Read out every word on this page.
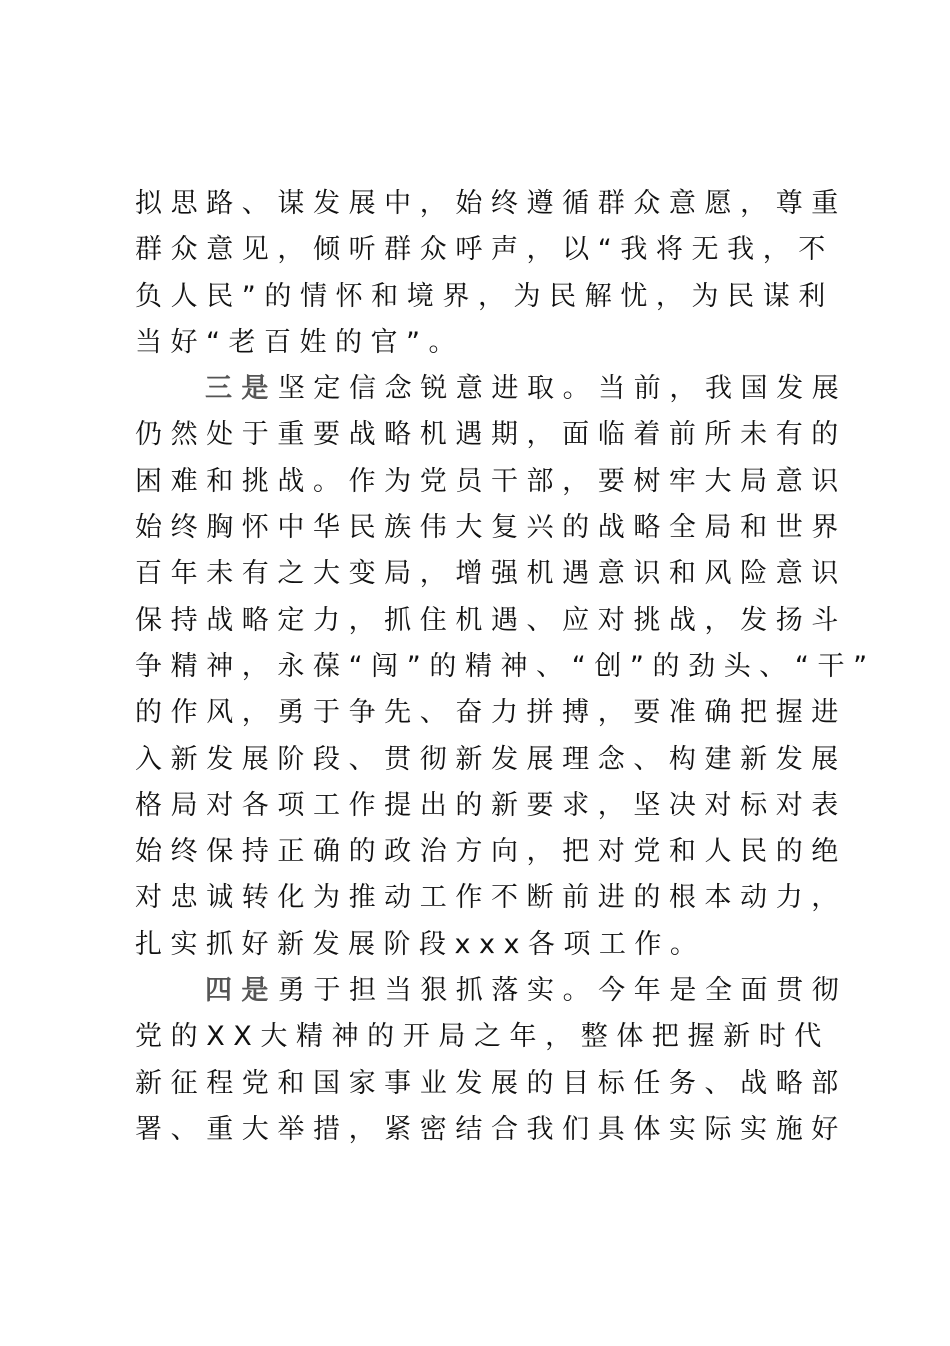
拟 思 路 、 谋 发 展 中 ， 始 终 遵 循 群 众 意 愿 ， 尊 重
群 众 意 见 ， 倾 听 群 众 呼 声 ， 以 “ 我 将 无 我 ， 不
负 人 民 ” 的 情 怀 和 境 界 ， 为 民 解 忧 ， 为 民 谋 利
当好“老百姓的官”。
三 是 坚 定 信 念 锐 意 进 取 。 当 前 ， 我 国 发 展
仍 然 处 于 重 要 战 略 机 遇 期 ， 面 临 着 前 所 未 有 的
困 难 和 挑 战 。 作 为 党 员 干 部 ， 要 树 牢 大 局 意 识
始 终 胸 怀 中 华 民 族 伟 大 复 兴 的 战 略 全 局 和 世 界
百 年 未 有 之 大 变 局 ， 增 强 机 遇 意 识 和 风 险 意 识
保 持 战 略 定 力 ， 抓 住 机 遇 、 应 对 挑 战 ， 发 扬 斗
争 精 神 ， 永 葆 “ 闯 ” 的 精 神 、 “ 创 ” 的 劲 头 、 “ 干 ”
的 作 风 ， 勇 于 争 先 、 奋 力 拼 搏 ， 要 准 确 把 握 进
入 新 发 展 阶 段 、 贯 彻 新 发 展 理 念 、 构 建 新 发 展
格 局 对 各 项 工 作 提 出 的 新 要 求 ， 坚 决 对 标 对 表
始 终 保 持 正 确 的 政 治 方 向 ， 把 对 党 和 人 民 的 绝
对 忠 诚 转 化 为 推 动 工 作 不 断 前 进 的 根 本 动 力 ，
扎实抓好新发展阶段xxx各项工作。
四 是 勇 于 担 当 狠 抓 落 实 。 今 年 是 全 面 贯 彻
党 的 X X 大 精 神 的 开 局 之 年 ， 整 体 把 握 新 时 代
新 征 程 党 和 国 家 事 业 发 展 的 目 标 任 务 、 战 略 部
署 、 重 大 举 措 ， 紧 密 结 合 我 们 具 体 实 际 实 施 好
